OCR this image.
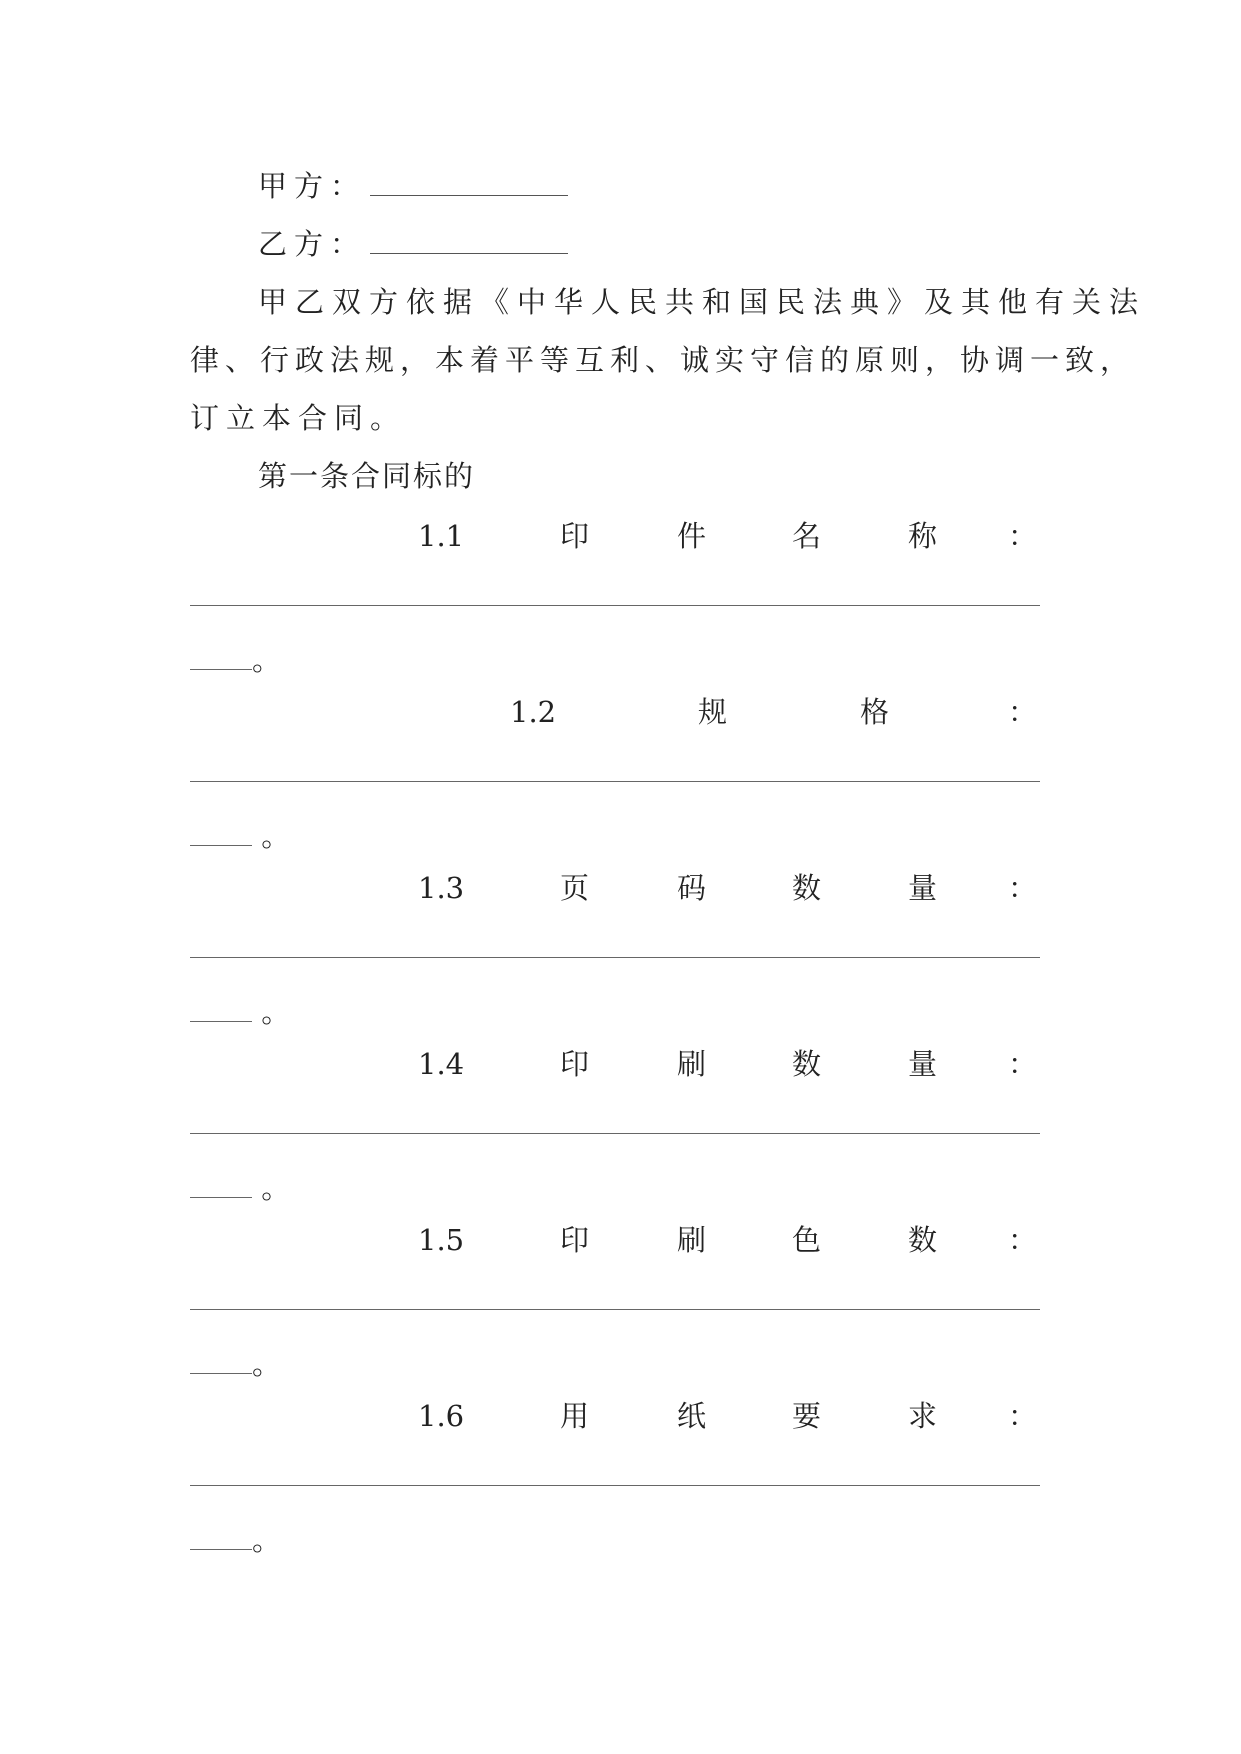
甲方：
乙方：
甲乙双方依据《中华人民共和国民法典》及其他有关法
律、行政法规，本着平等互利、诚实守信的原则，协调一致，
订立本合同。
第一条合同标的
1.1	印	件	名	称 ：
。
1.2	规	格	：
。
1.3	页	码	数	量 ：
。
1.4	印	刷	数	量 ：
。
1.5	印	刷	色	数 ：
。
1.6	用	纸	要	求 ：
。
